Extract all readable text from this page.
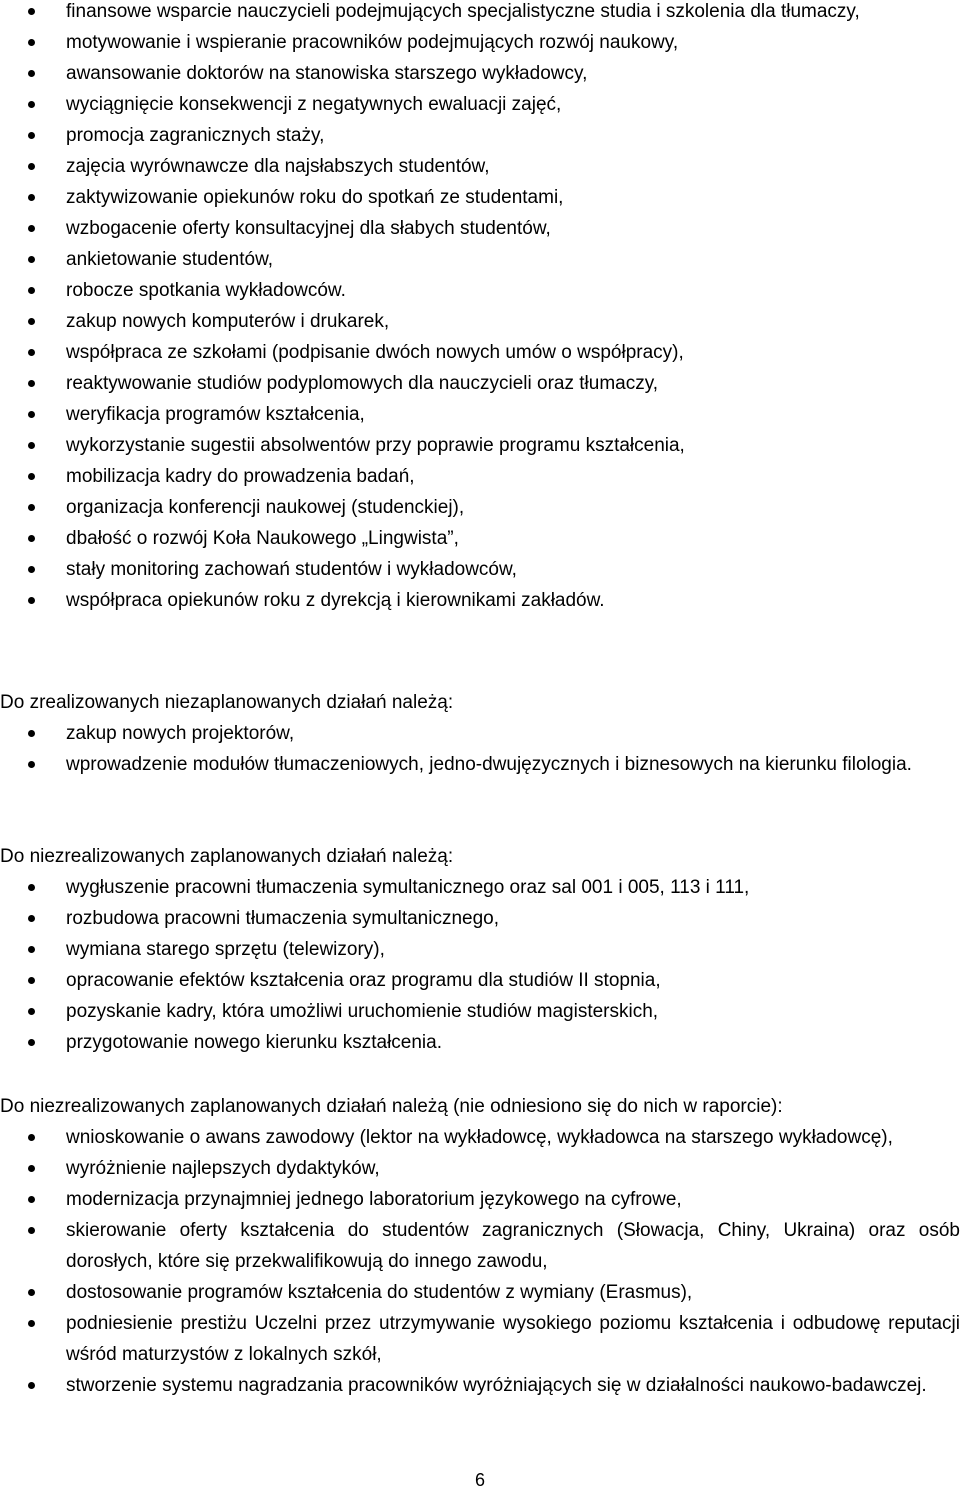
finansowe wsparcie nauczycieli podejmujących specjalistyczne studia i szkolenia dla tłumaczy,
motywowanie i wspieranie pracowników podejmujących rozwój naukowy,
awansowanie doktorów na stanowiska starszego wykładowcy,
wyciągnięcie konsekwencji z negatywnych ewaluacji zajęć,
promocja zagranicznych staży,
zajęcia wyrównawcze dla najsłabszych studentów,
zaktywizowanie opiekunów roku do spotkań ze studentami,
wzbogacenie oferty konsultacyjnej dla słabych studentów,
ankietowanie studentów,
robocze spotkania wykładowców.
zakup nowych komputerów i drukarek,
współpraca ze szkołami (podpisanie dwóch nowych umów o współpracy),
reaktywowanie studiów podyplomowych dla nauczycieli oraz tłumaczy,
weryfikacja programów kształcenia,
wykorzystanie sugestii absolwentów przy poprawie programu kształcenia,
mobilizacja kadry do prowadzenia badań,
organizacja konferencji naukowej (studenckiej),
dbałość o rozwój Koła Naukowego „Lingwista”,
stały monitoring zachowań studentów i wykładowców,
współpraca opiekunów roku z dyrekcją i kierownikami zakładów.
Do zrealizowanych niezaplanowanych działań należą:
zakup nowych projektorów,
wprowadzenie modułów tłumaczeniowych, jedno-dwujęzycznych i biznesowych na kierunku filologia.
Do niezrealizowanych zaplanowanych działań należą:
wygłuszenie pracowni tłumaczenia symultanicznego oraz sal 001 i 005, 113 i 111,
rozbudowa pracowni tłumaczenia symultanicznego,
wymiana starego sprzętu (telewizory),
opracowanie efektów kształcenia oraz programu dla studiów II stopnia,
pozyskanie kadry, która umożliwi uruchomienie studiów magisterskich,
przygotowanie nowego kierunku kształcenia.
Do niezrealizowanych zaplanowanych działań należą (nie odniesiono się do nich w raporcie):
wnioskowanie o awans zawodowy (lektor na wykładowcę, wykładowca na starszego wykładowcę),
wyróżnienie najlepszych dydaktyków,
modernizacja przynajmniej jednego laboratorium językowego na cyfrowe,
skierowanie oferty kształcenia do studentów zagranicznych (Słowacja, Chiny, Ukraina) oraz osób dorosłych, które się przekwalifikowują do innego zawodu,
dostosowanie programów kształcenia do studentów z wymiany (Erasmus),
podniesienie prestiżu Uczelni przez utrzymywanie wysokiego poziomu kształcenia i odbudowę reputacji wśród maturzystów z lokalnych szkół,
stworzenie systemu nagradzania pracowników wyróżniających się w działalności naukowo-badawczej.
6
